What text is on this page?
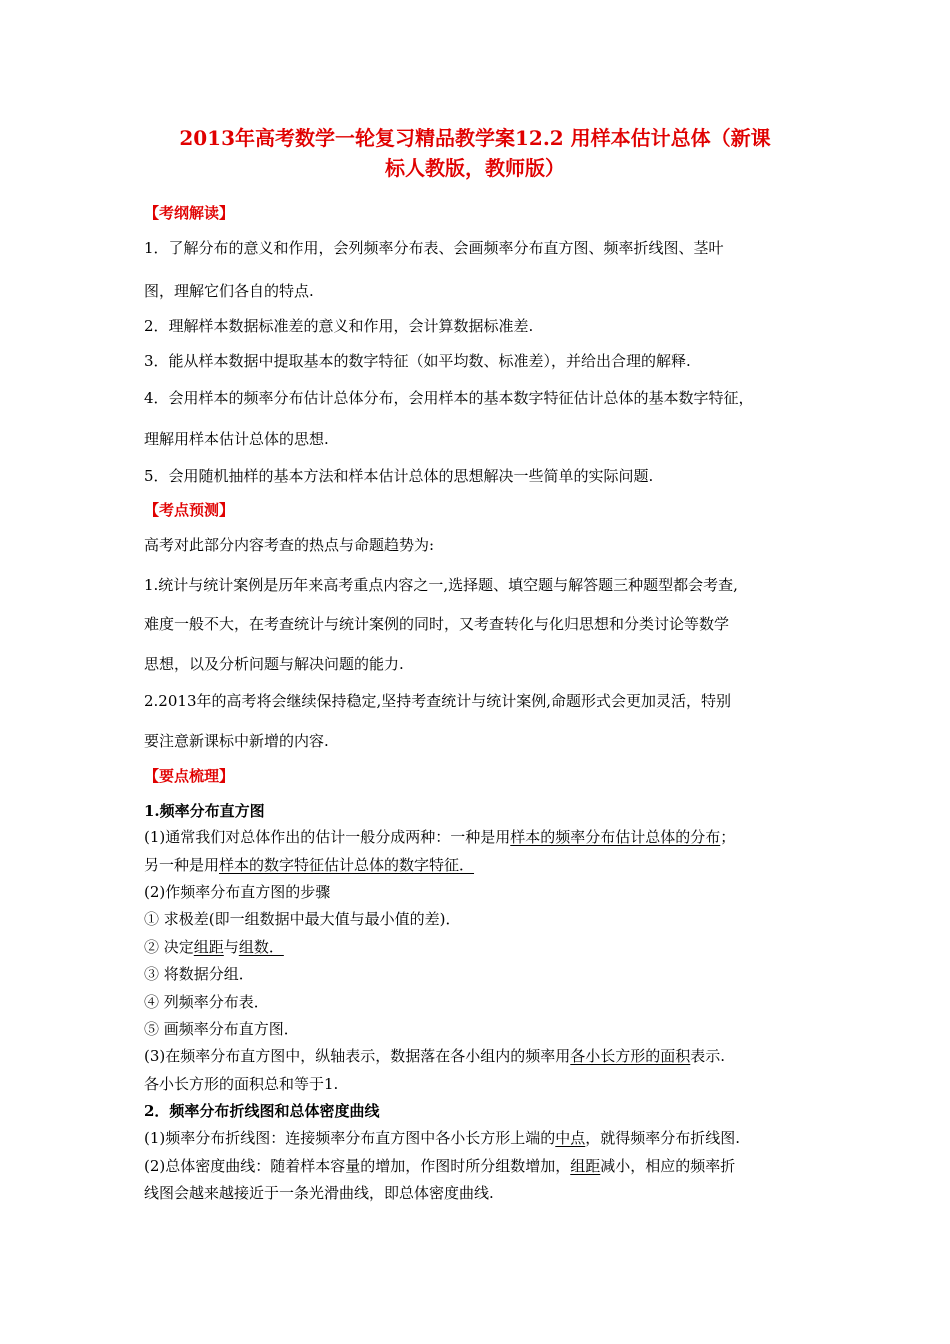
2013年高考数学一轮复习精品教学案12.2 用样本估计总体（新课
标人教版，教师版）
【考纲解读】
1．了解分布的意义和作用，会列频率分布表、会画频率分布直方图、频率折线图、茎叶
图，理解它们各自的特点.
2．理解样本数据标准差的意义和作用，会计算数据标准差.
3．能从样本数据中提取基本的数字特征（如平均数、标准差），并给出合理的解释.
4．会用样本的频率分布估计总体分布，会用样本的基本数字特征估计总体的基本数字特征，
理解用样本估计总体的思想.
5．会用随机抽样的基本方法和样本估计总体的思想解决一些简单的实际问题.
【考点预测】
高考对此部分内容考查的热点与命题趋势为:
1.统计与统计案例是历年来高考重点内容之一,选择题、填空题与解答题三种题型都会考查,
难度一般不大，在考查统计与统计案例的同时，又考查转化与化归思想和分类讨论等数学
思想，以及分析问题与解决问题的能力.
2.2013年的高考将会继续保持稳定,坚持考查统计与统计案例,命题形式会更加灵活，特别
要注意新课标中新增的内容.
【要点梳理】
1.频率分布直方图
(1)通常我们对总体作出的估计一般分成两种：一种是用样本的频率分布估计总体的分布；
另一种是用样本的数字特征估计总体的数字特征．
(2)作频率分布直方图的步骤
① 求极差(即一组数据中最大值与最小值的差)．
② 决定组距与组数．
③ 将数据分组．
④ 列频率分布表．
⑤ 画频率分布直方图．
(3)在频率分布直方图中，纵轴表示，数据落在各小组内的频率用各小长方形的面积表示.
各小长方形的面积总和等于1.
2．频率分布折线图和总体密度曲线
(1)频率分布折线图：连接频率分布直方图中各小长方形上端的中点，就得频率分布折线图.
(2)总体密度曲线：随着样本容量的增加，作图时所分组数增加，组距减小，相应的频率折
线图会越来越接近于一条光滑曲线，即总体密度曲线.
